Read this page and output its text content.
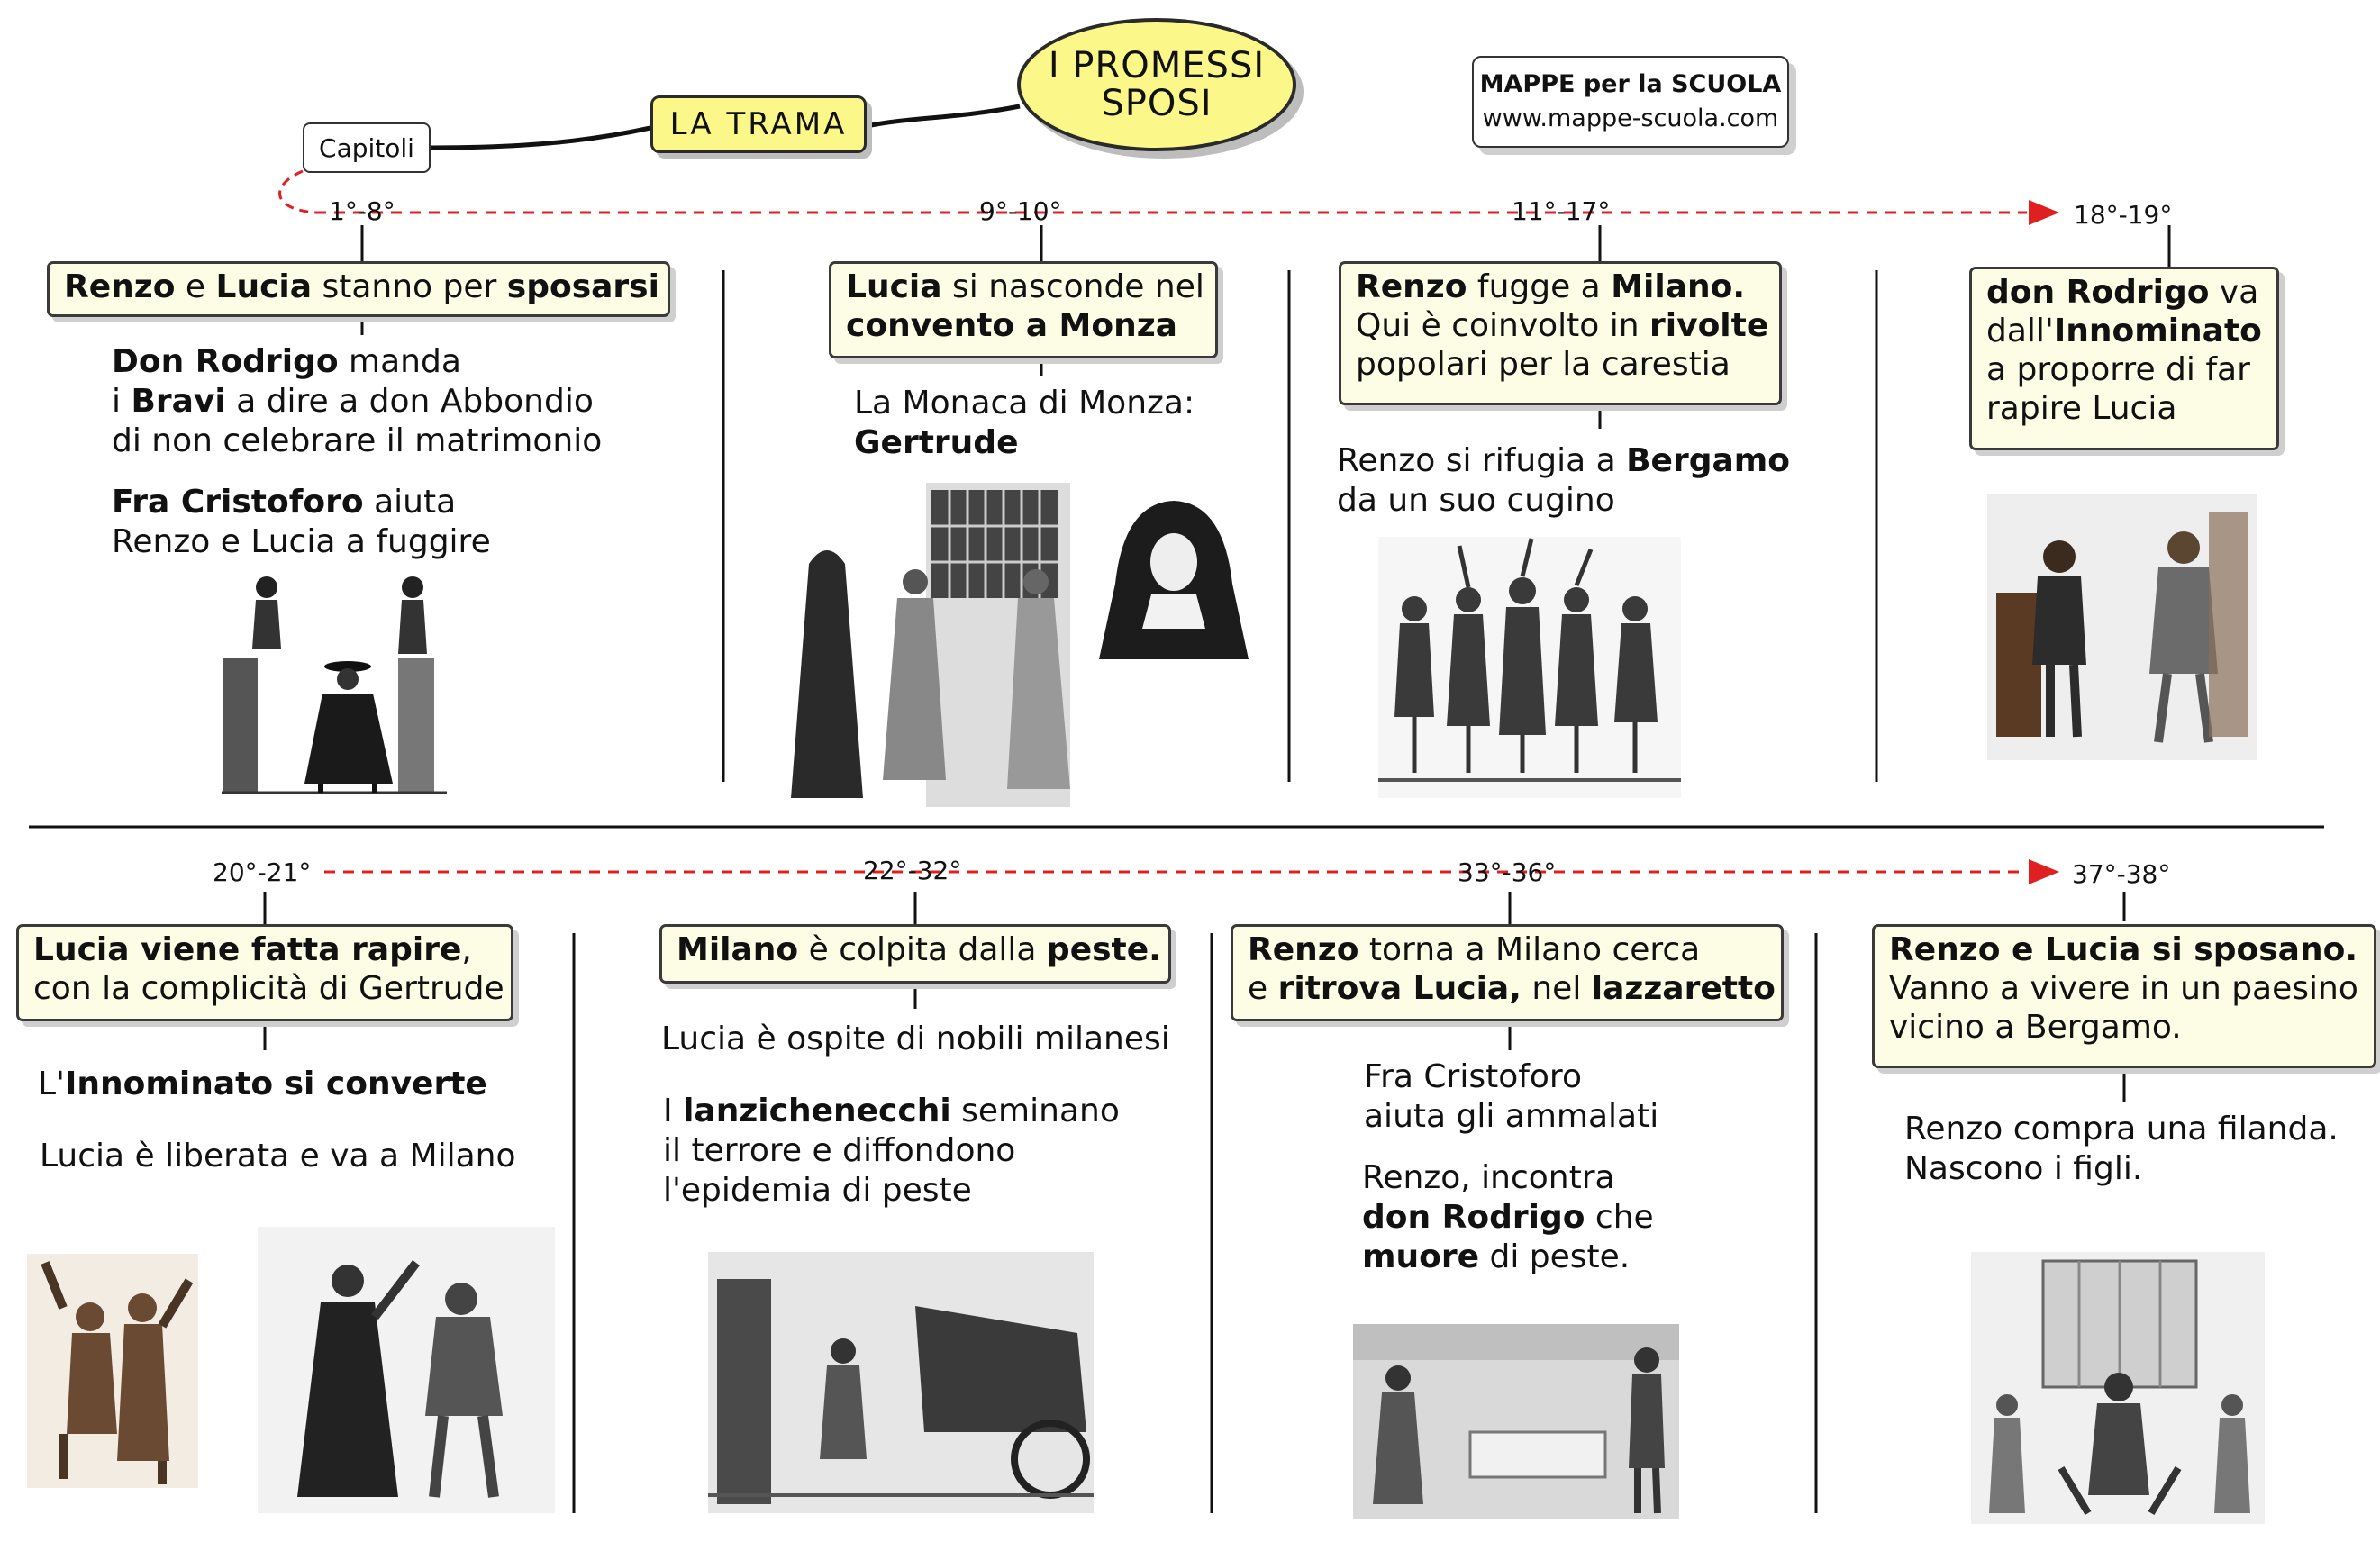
I PROMESSI
SPOSI
LA TRAMA
Capitoli
MAPPE per la SCUOLA
www.mappe-scuola.com
1°-8°	9°-10°	11°-17°	18°-19°
20°-21°	22°-32°	33°-36°	37°-38°
Renzo e Lucia stanno per sposarsi
Don Rodrigo manda
i Bravi a dire a don Abbondio
di non celebrare il matrimonio
Fra Cristoforo aiuta
Renzo e Lucia a fuggire
Lucia si nasconde nel
convento a Monza
La Monaca di Monza:
Gertrude
Renzo fugge a Milano.
Qui è coinvolto in rivolte
popolari per la carestia
Renzo si rifugia a Bergamo
da un suo cugino
don Rodrigo va
dall'Innominato
a proporre di far
rapire Lucia
Lucia viene fatta rapire,
con la complicità di Gertrude
L'Innominato si converte
Lucia è liberata e va a Milano
Milano è colpita dalla peste.
Lucia è ospite di nobili milanesi
I lanzichenecchi seminano
il terrore e diffondono
l'epidemia di peste
Renzo torna a Milano cerca
e ritrova Lucia, nel lazzaretto
Fra Cristoforo
aiuta gli ammalati
Renzo, incontra
don Rodrigo che
muore di peste.
Renzo e Lucia si sposano.
Vanno a vivere in un paesino
vicino a Bergamo.
Renzo compra una filanda.
Nascono i figli.
